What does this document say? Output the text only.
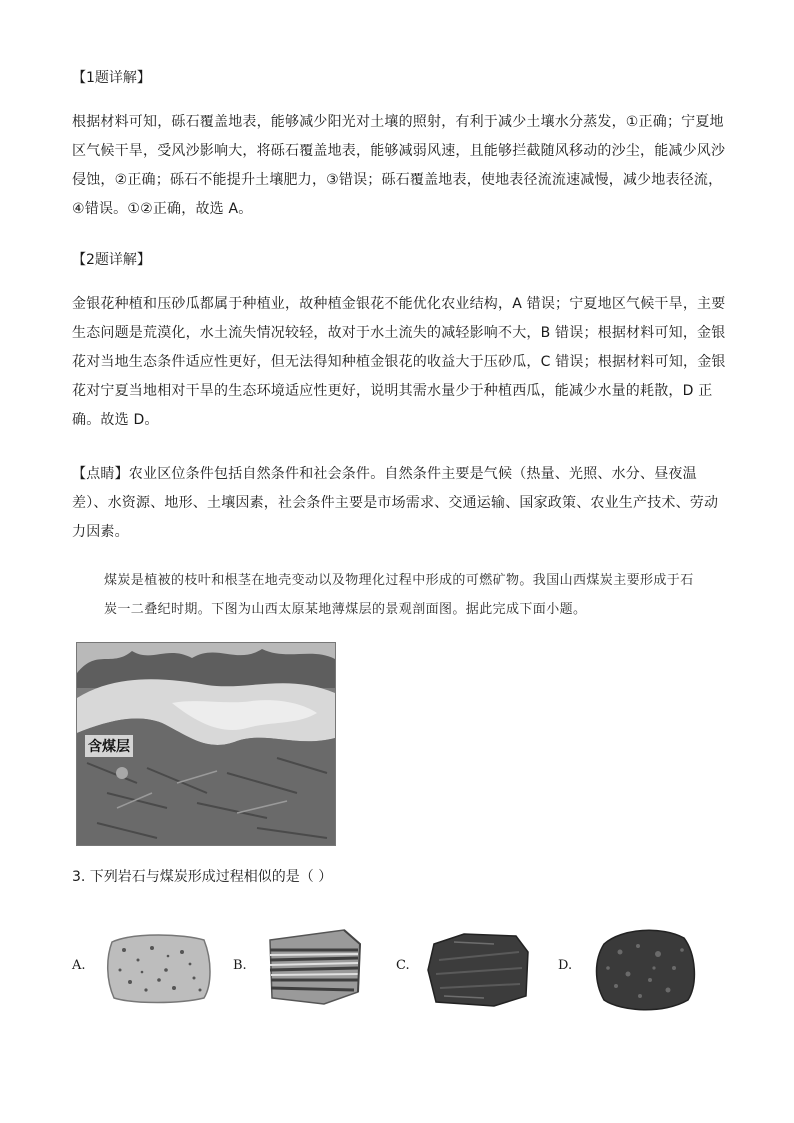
【1题详解】
根据材料可知，砾石覆盖地表，能够减少阳光对土壤的照射，有利于减少土壤水分蒸发，①正确；宁夏地
区气候干旱，受风沙影响大，将砾石覆盖地表，能够减弱风速，且能够拦截随风移动的沙尘，能减少风沙
侵蚀，②正确；砾石不能提升土壤肥力，③错误；砾石覆盖地表，使地表径流流速减慢，减少地表径流，
④错误。①②正确，故选 A。
【2题详解】
金银花种植和压砂瓜都属于种植业，故种植金银花不能优化农业结构，A 错误；宁夏地区气候干旱，主要
生态问题是荒漠化，水土流失情况较轻，故对于水土流失的减轻影响不大，B 错误；根据材料可知，金银
花对当地生态条件适应性更好，但无法得知种植金银花的收益大于压砂瓜，C 错误；根据材料可知，金银
花对宁夏当地相对干旱的生态环境适应性更好，说明其需水量少于种植西瓜，能减少水量的耗散，D 正
确。故选 D。
【点睛】农业区位条件包括自然条件和社会条件。自然条件主要是气候（热量、光照、水分、昼夜温
差）、水资源、地形、土壤因素，社会条件主要是市场需求、交通运输、国家政策、农业生产技术、劳动
力因素。
煤炭是植被的枝叶和根茎在地壳变动以及物理化过程中形成的可燃矿物。我国山西煤炭主要形成于石
炭一二叠纪时期。下图为山西太原某地薄煤层的景观剖面图。据此完成下面小题。
含煤层
3. 下列岩石与煤炭形成过程相似的是（ ）
A.	B.	C.	D.
